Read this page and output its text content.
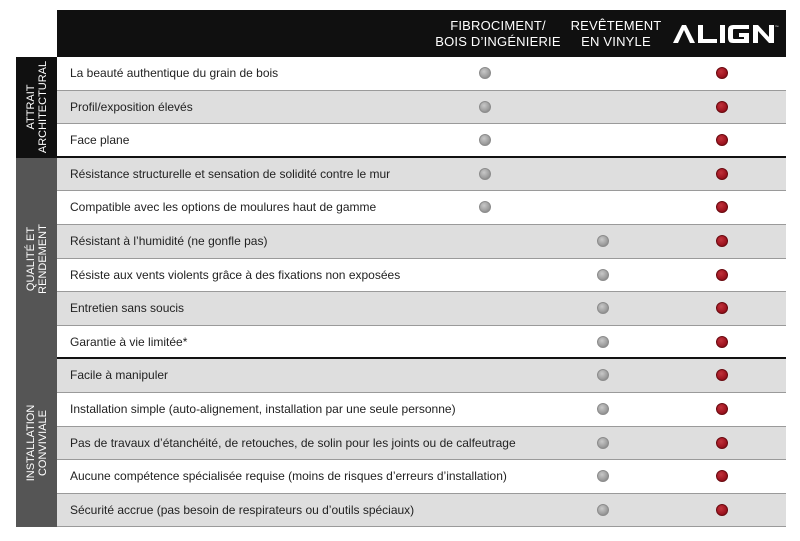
FIBROCIMENT/
BOIS D’INGÉNIERIE
REVÊTEMENT
EN VINYLE
™
ATTRAIT
ARCHITECTURAL
QUALITÉ ET
RENDEMENT
INSTALLATION
CONVIVIALE
La beauté authentique du grain de bois
Profil/exposition élevés
Face plane
Résistance structurelle et sensation de solidité contre le mur
Compatible avec les options de moulures haut de gamme
Résistant à l’humidité (ne gonfle pas)
Résiste aux vents violents grâce à des fixations non exposées
Entretien sans soucis
Garantie à vie limitée*
Facile à manipuler
Installation simple (auto-alignement, installation par une seule personne)
Pas de travaux d’étanchéité, de retouches, de solin pour les joints ou de calfeutrage
Aucune compétence spécialisée requise (moins de risques d’erreurs d’installation)
Sécurité accrue (pas besoin de respirateurs ou d’outils spéciaux)
